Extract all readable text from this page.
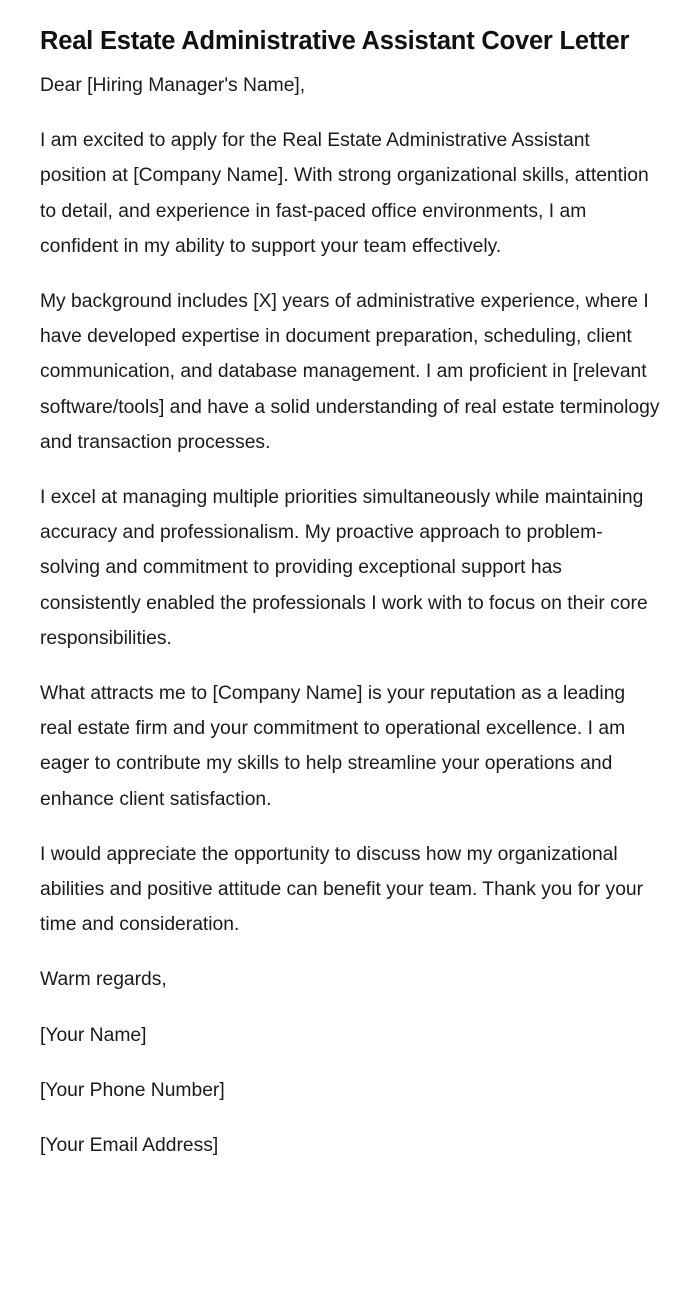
Real Estate Administrative Assistant Cover Letter

Dear [Hiring Manager's Name],

I am excited to apply for the Real Estate Administrative Assistant position at [Company Name]. With strong organizational skills, attention to detail, and experience in fast-paced office environments, I am confident in my ability to support your team effectively.

My background includes [X] years of administrative experience, where I have developed expertise in document preparation, scheduling, client communication, and database management. I am proficient in [relevant software/tools] and have a solid understanding of real estate terminology and transaction processes.

I excel at managing multiple priorities simultaneously while maintaining accuracy and professionalism. My proactive approach to problem-solving and commitment to providing exceptional support has consistently enabled the professionals I work with to focus on their core responsibilities.

What attracts me to [Company Name] is your reputation as a leading real estate firm and your commitment to operational excellence. I am eager to contribute my skills to help streamline your operations and enhance client satisfaction.

I would appreciate the opportunity to discuss how my organizational abilities and positive attitude can benefit your team. Thank you for your time and consideration.

Warm regards,

[Your Name]

[Your Phone Number]

[Your Email Address]
